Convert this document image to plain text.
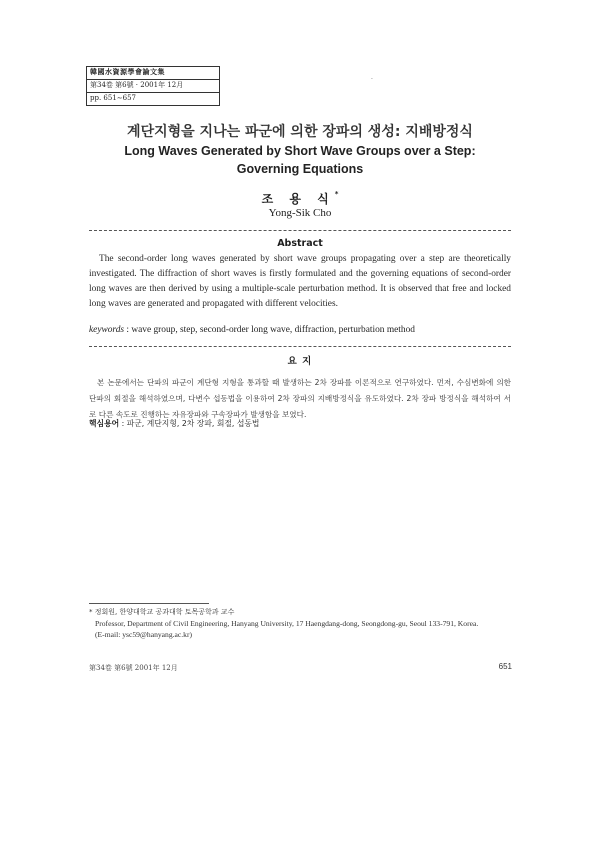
韓國水資源學會論文集
第34卷 第6號 · 2001年 12月
pp. 651∼657
·
계단지형을 지나는 파군에 의한 장파의 생성: 지배방정식
Long Waves Generated by Short Wave Groups over a Step: Governing Equations
조 용 식*
Yong-Sik Cho
Abstract

The second-order long waves generated by short wave groups propagating over a step are theoretically investigated. The diffraction of short waves is firstly formulated and the governing equations of second-order long waves are then derived by using a multiple-scale perturbation method. It is observed that free and locked long waves are generated and propagated with different velocities.

keywords : wave group, step, second-order long wave, diffraction, perturbation method
요 지

본 논문에서는 단파의 파군이 계단형 지형을 통과할 때 발생하는 2차 장파를 이론적으로 연구하였다. 먼저, 수심변화에 의한 단파의 회절을 해석하였으며, 다변수 섭동법을 이용하여 2차 장파의 지배방정식을 유도하였다. 2차 장파 방정식을 해석하여 서로 다른 속도로 진행하는 자유장파와 구속장파가 발생함을 보였다.

핵심용어 : 파군, 계단지형, 2차 장파, 회절, 섭동법
* 정회원, 한양대학교 공과대학 토목공학과 교수
Professor, Department of Civil Engineering, Hanyang University, 17 Haengdang-dong, Seongdong-gu, Seoul 133-791, Korea.
(E-mail: ysc59@hanyang.ac.kr)
第34卷 第6號 2001年 12月	651
